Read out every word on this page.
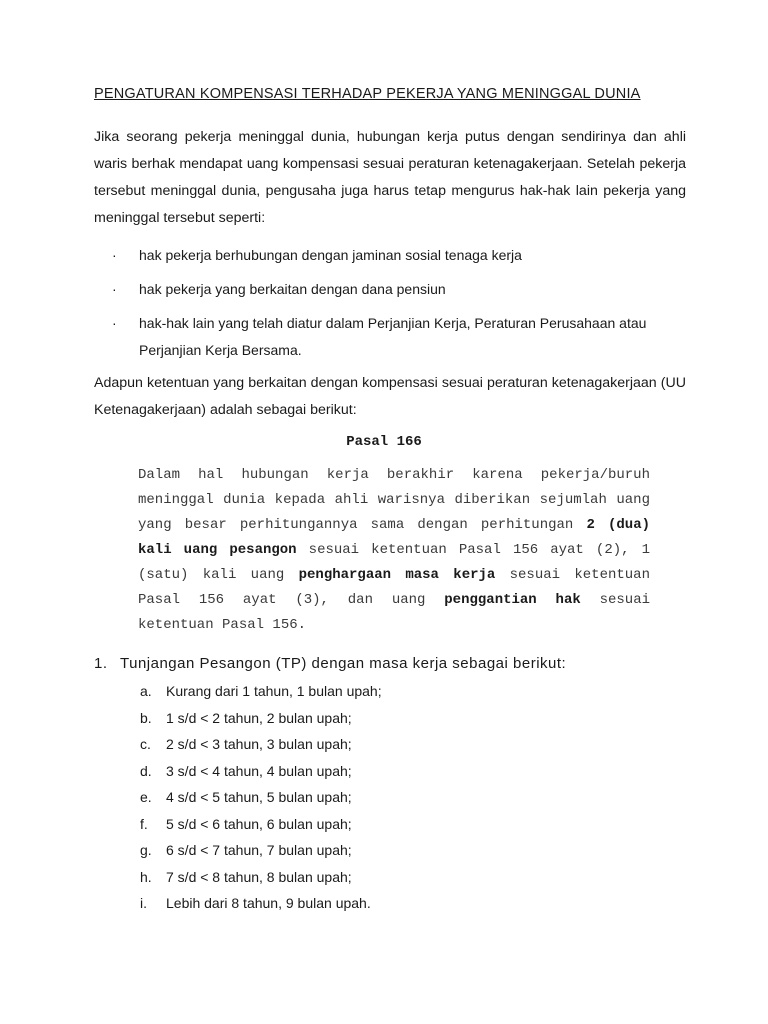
PENGATURAN KOMPENSASI TERHADAP PEKERJA YANG MENINGGAL DUNIA

Jika seorang pekerja meninggal dunia, hubungan kerja putus dengan sendirinya dan ahli waris berhak mendapat uang kompensasi sesuai peraturan ketenagakerjaan. Setelah pekerja tersebut meninggal dunia, pengusaha juga harus tetap mengurus hak-hak lain pekerja yang meninggal tersebut seperti:

· hak pekerja berhubungan dengan jaminan sosial tenaga kerja
· hak pekerja yang berkaitan dengan dana pensiun
· hak-hak lain yang telah diatur dalam Perjanjian Kerja, Peraturan Perusahaan atau Perjanjian Kerja Bersama.

Adapun ketentuan yang berkaitan dengan kompensasi sesuai peraturan ketenagakerjaan (UU Ketenagakerjaan) adalah sebagai berikut:

Pasal 166

Dalam hal hubungan kerja berakhir karena pekerja/buruh meninggal dunia kepada ahli warisnya diberikan sejumlah uang yang besar perhitungannya sama dengan perhitungan 2 (dua) kali uang pesangon sesuai ketentuan Pasal 156 ayat (2), 1 (satu) kali uang penghargaan masa kerja sesuai ketentuan Pasal 156 ayat (3), dan uang penggantian hak sesuai ketentuan Pasal 156.

1. Tunjangan Pesangon (TP) dengan masa kerja sebagai berikut:
a. Kurang dari 1 tahun, 1 bulan upah;
b. 1 s/d < 2 tahun, 2 bulan upah;
c. 2 s/d < 3 tahun, 3 bulan upah;
d. 3 s/d < 4 tahun, 4 bulan upah;
e. 4 s/d < 5 tahun, 5 bulan upah;
f. 5 s/d < 6 tahun, 6 bulan upah;
g. 6 s/d < 7 tahun, 7 bulan upah;
h. 7 s/d < 8 tahun, 8 bulan upah;
i. Lebih dari 8 tahun, 9 bulan upah.
